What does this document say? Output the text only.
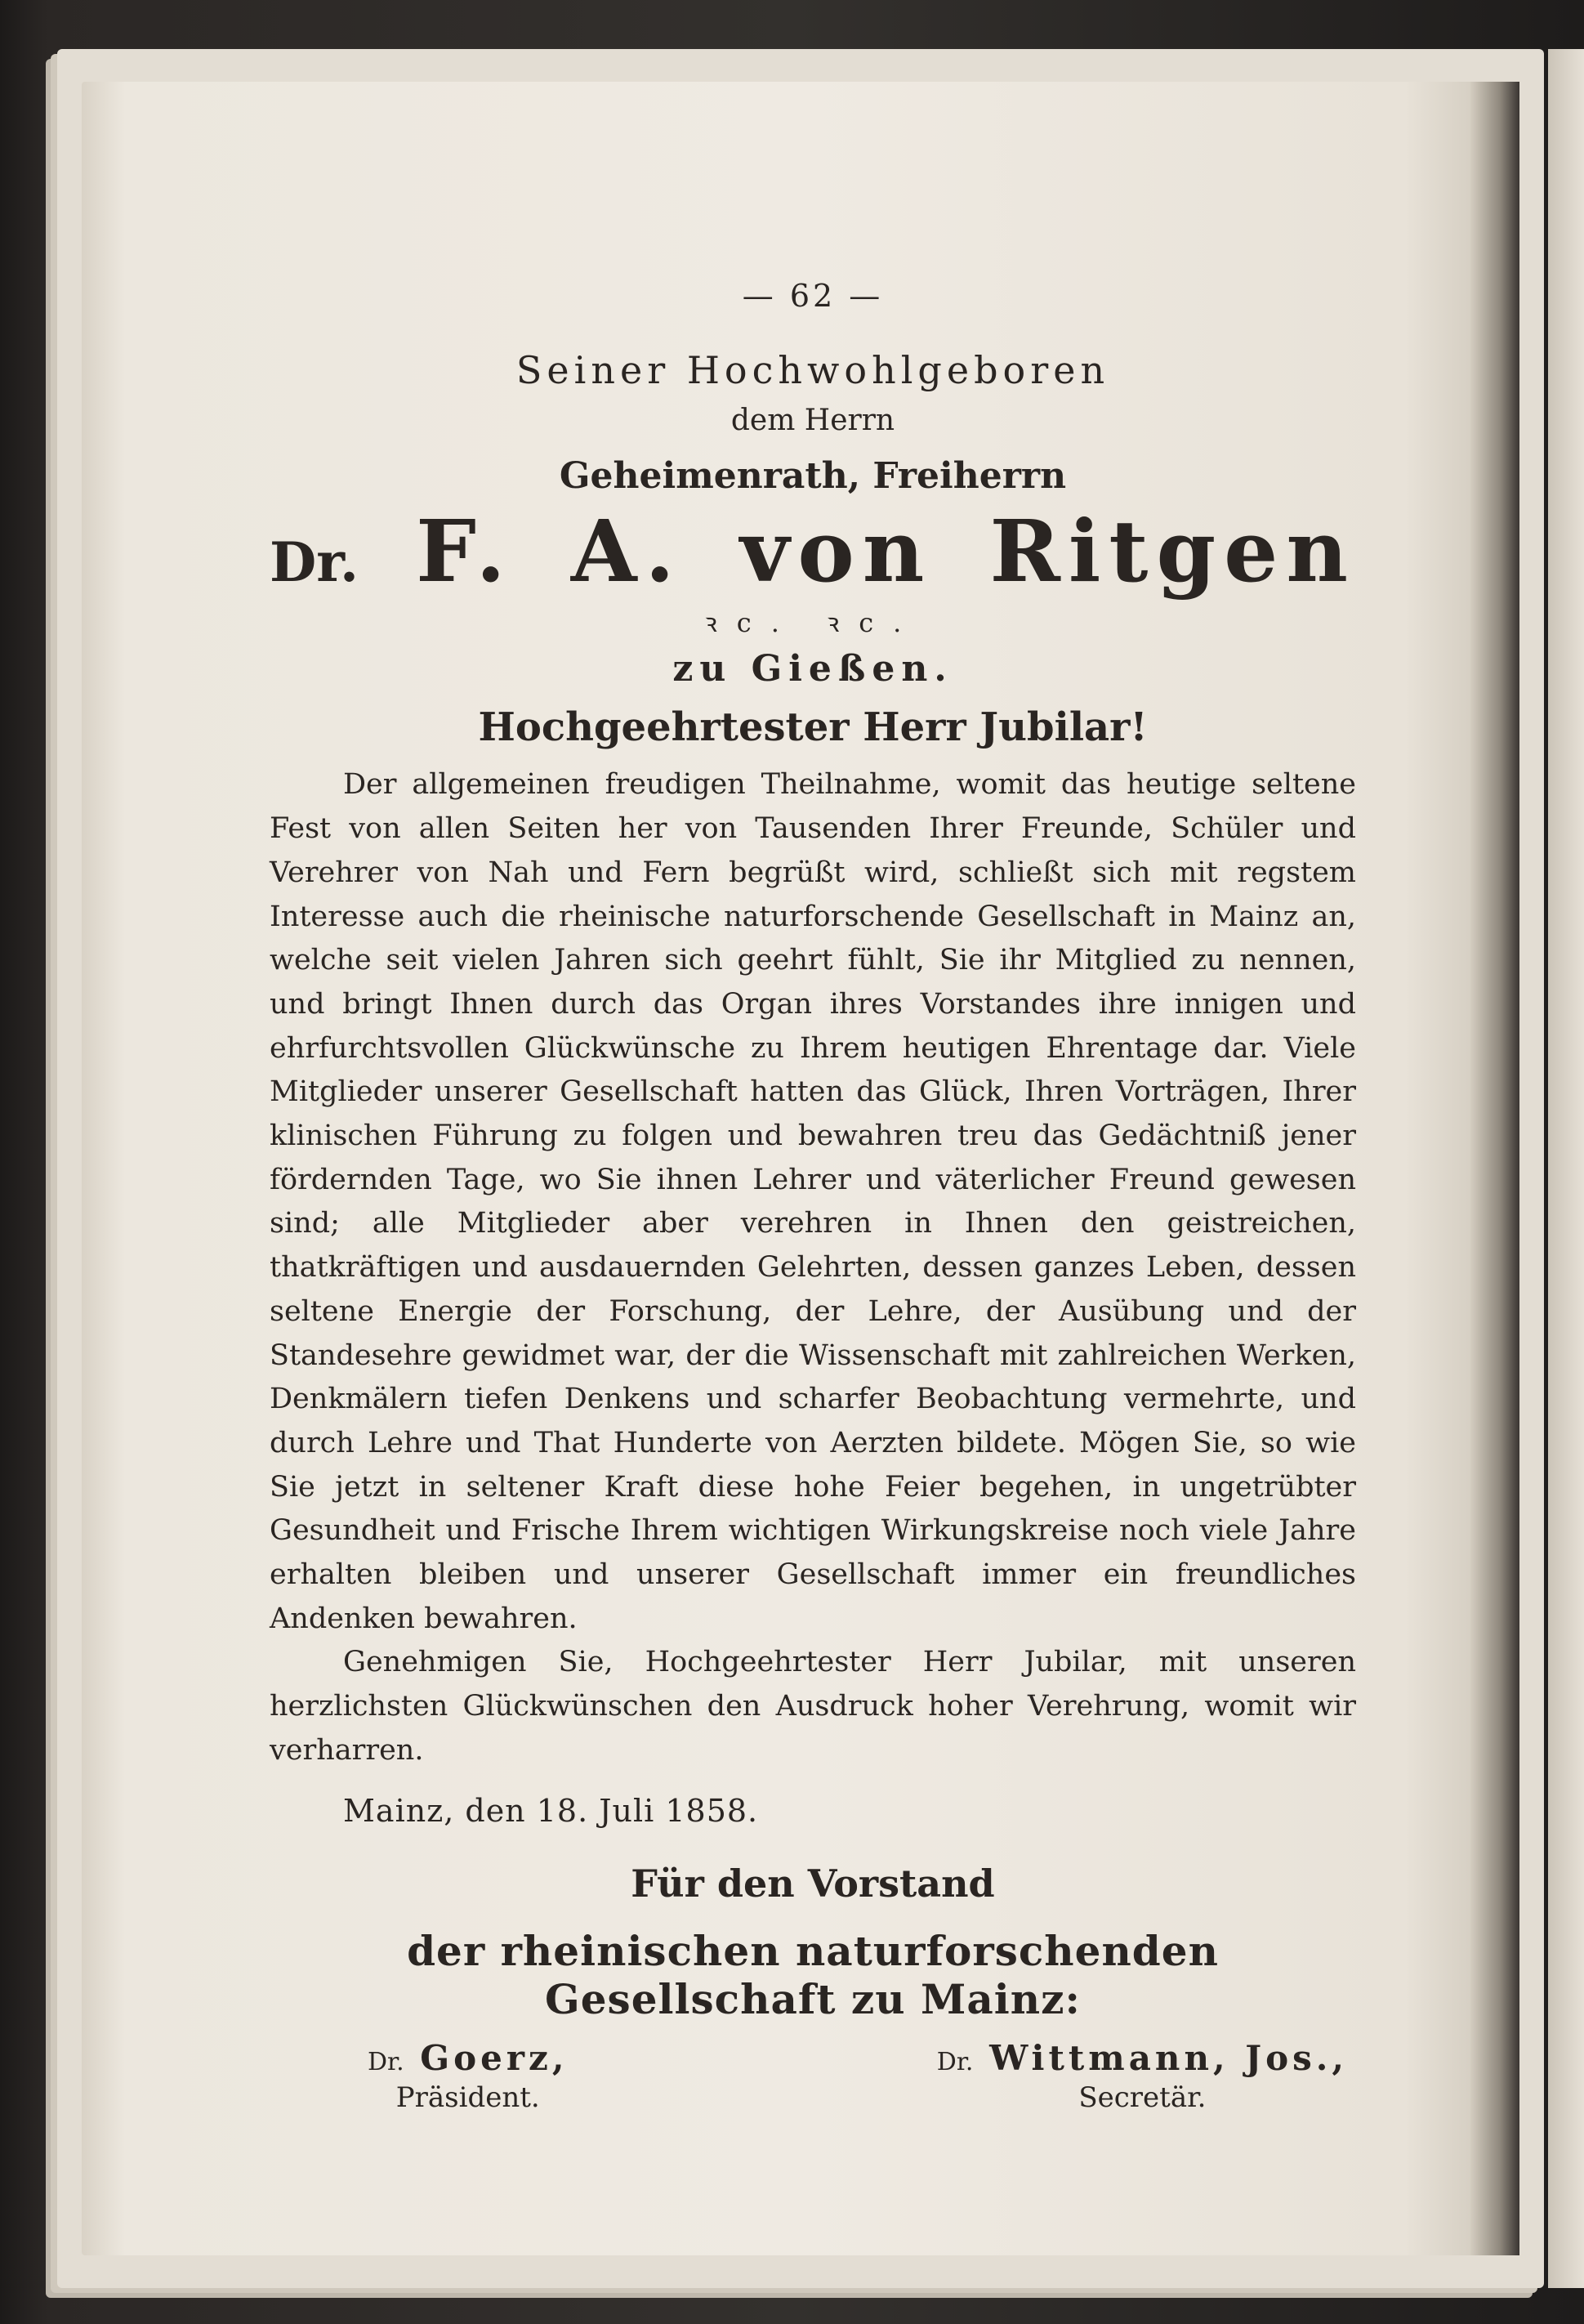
— 62 —
Seiner Hochwohlgeboren
dem Herrn
Geheimenrath, Freiherrn
Dr. F. A. von Ritgen
ꝛc. ꝛc.
zu Gießen.
Hochgeehrtester Herr Jubilar!

Der allgemeinen freudigen Theilnahme, womit das heutige seltene Fest von allen Seiten her von Tausenden Ihrer Freunde, Schüler und Verehrer von Nah und Fern begrüßt wird, schließt sich mit regstem Interesse auch die rheinische naturforschende Gesellschaft in Mainz an, welche seit vielen Jahren sich geehrt fühlt, Sie ihr Mitglied zu nennen, und bringt Ihnen durch das Organ ihres Vorstandes ihre innigen und ehrfurchtsvollen Glückwünsche zu Ihrem heutigen Ehrentage dar. Viele Mitglieder unserer Gesellschaft hatten das Glück, Ihren Vorträgen, Ihrer klinischen Führung zu folgen und bewahren treu das Gedächtniß jener fördernden Tage, wo Sie ihnen Lehrer und väterlicher Freund gewesen sind; alle Mitglieder aber verehren in Ihnen den geistreichen, thatkräftigen und ausdauernden Gelehrten, dessen ganzes Leben, dessen seltene Energie der Forschung, der Lehre, der Ausübung und der Standesehre gewidmet war, der die Wissenschaft mit zahlreichen Werken, Denkmälern tiefen Denkens und scharfer Beobachtung vermehrte, und durch Lehre und That Hunderte von Aerzten bildete. Mögen Sie, so wie Sie jetzt in seltener Kraft diese hohe Feier begehen, in ungetrübter Gesundheit und Frische Ihrem wichtigen Wirkungskreise noch viele Jahre erhalten bleiben und unserer Gesellschaft immer ein freundliches Andenken bewahren.

Genehmigen Sie, Hochgeehrtester Herr Jubilar, mit unseren herzlichsten Glückwünschen den Ausdruck hoher Verehrung, womit wir verharren.

Mainz, den 18. Juli 1858.
Für den Vorstand
der rheinischen naturforschenden Gesellschaft zu Mainz:
Dr. Goerz,
Präsident.
Dr. Wittmann, Jos.,
Secretär.
